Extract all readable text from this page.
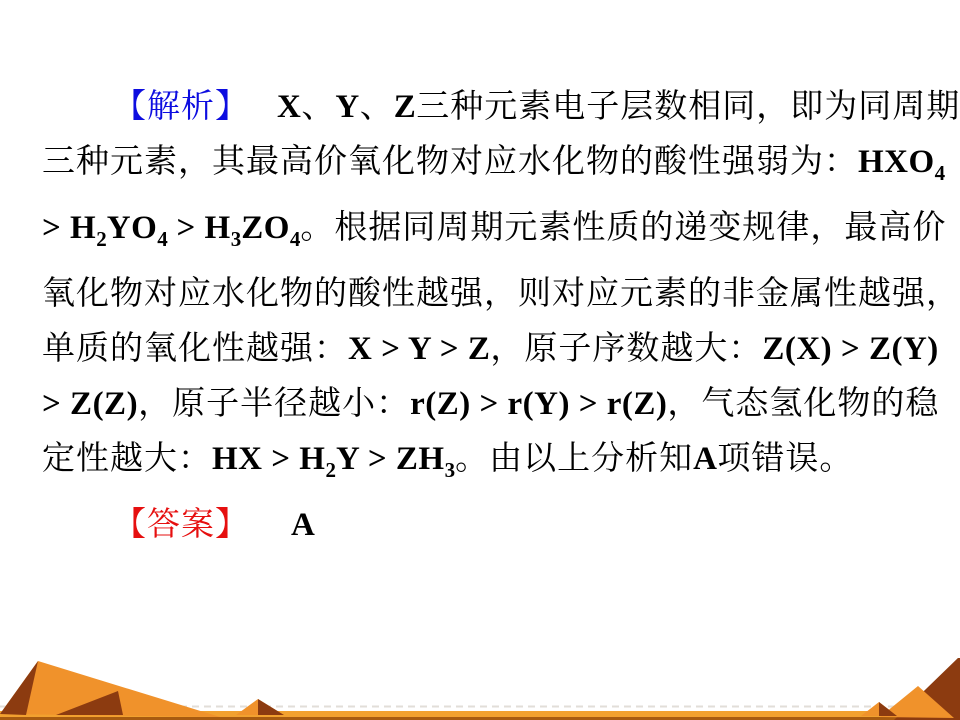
【解析】 X、Y、Z三种元素电子层数相同，即为同周期
三种元素，其最高价氧化物对应水化物的酸性强弱为：$HXO_4$
> $H_2YO_4 > H_3ZO_4$。根据同周期元素性质的递变规律，最高价
氧化物对应水化物的酸性越强，则对应元素的非金属性越强，
单质的氧化性越强：X > Y > Z，原子序数越大：Z(X) > Z(Y)
> Z(Z)，原子半径越小：r(Z) > r(Y) > r(Z)，气态氢化物的稳
定性越大：HX > $H_2Y > ZH_3$。由以上分析知A项错误。
【答案】 A
